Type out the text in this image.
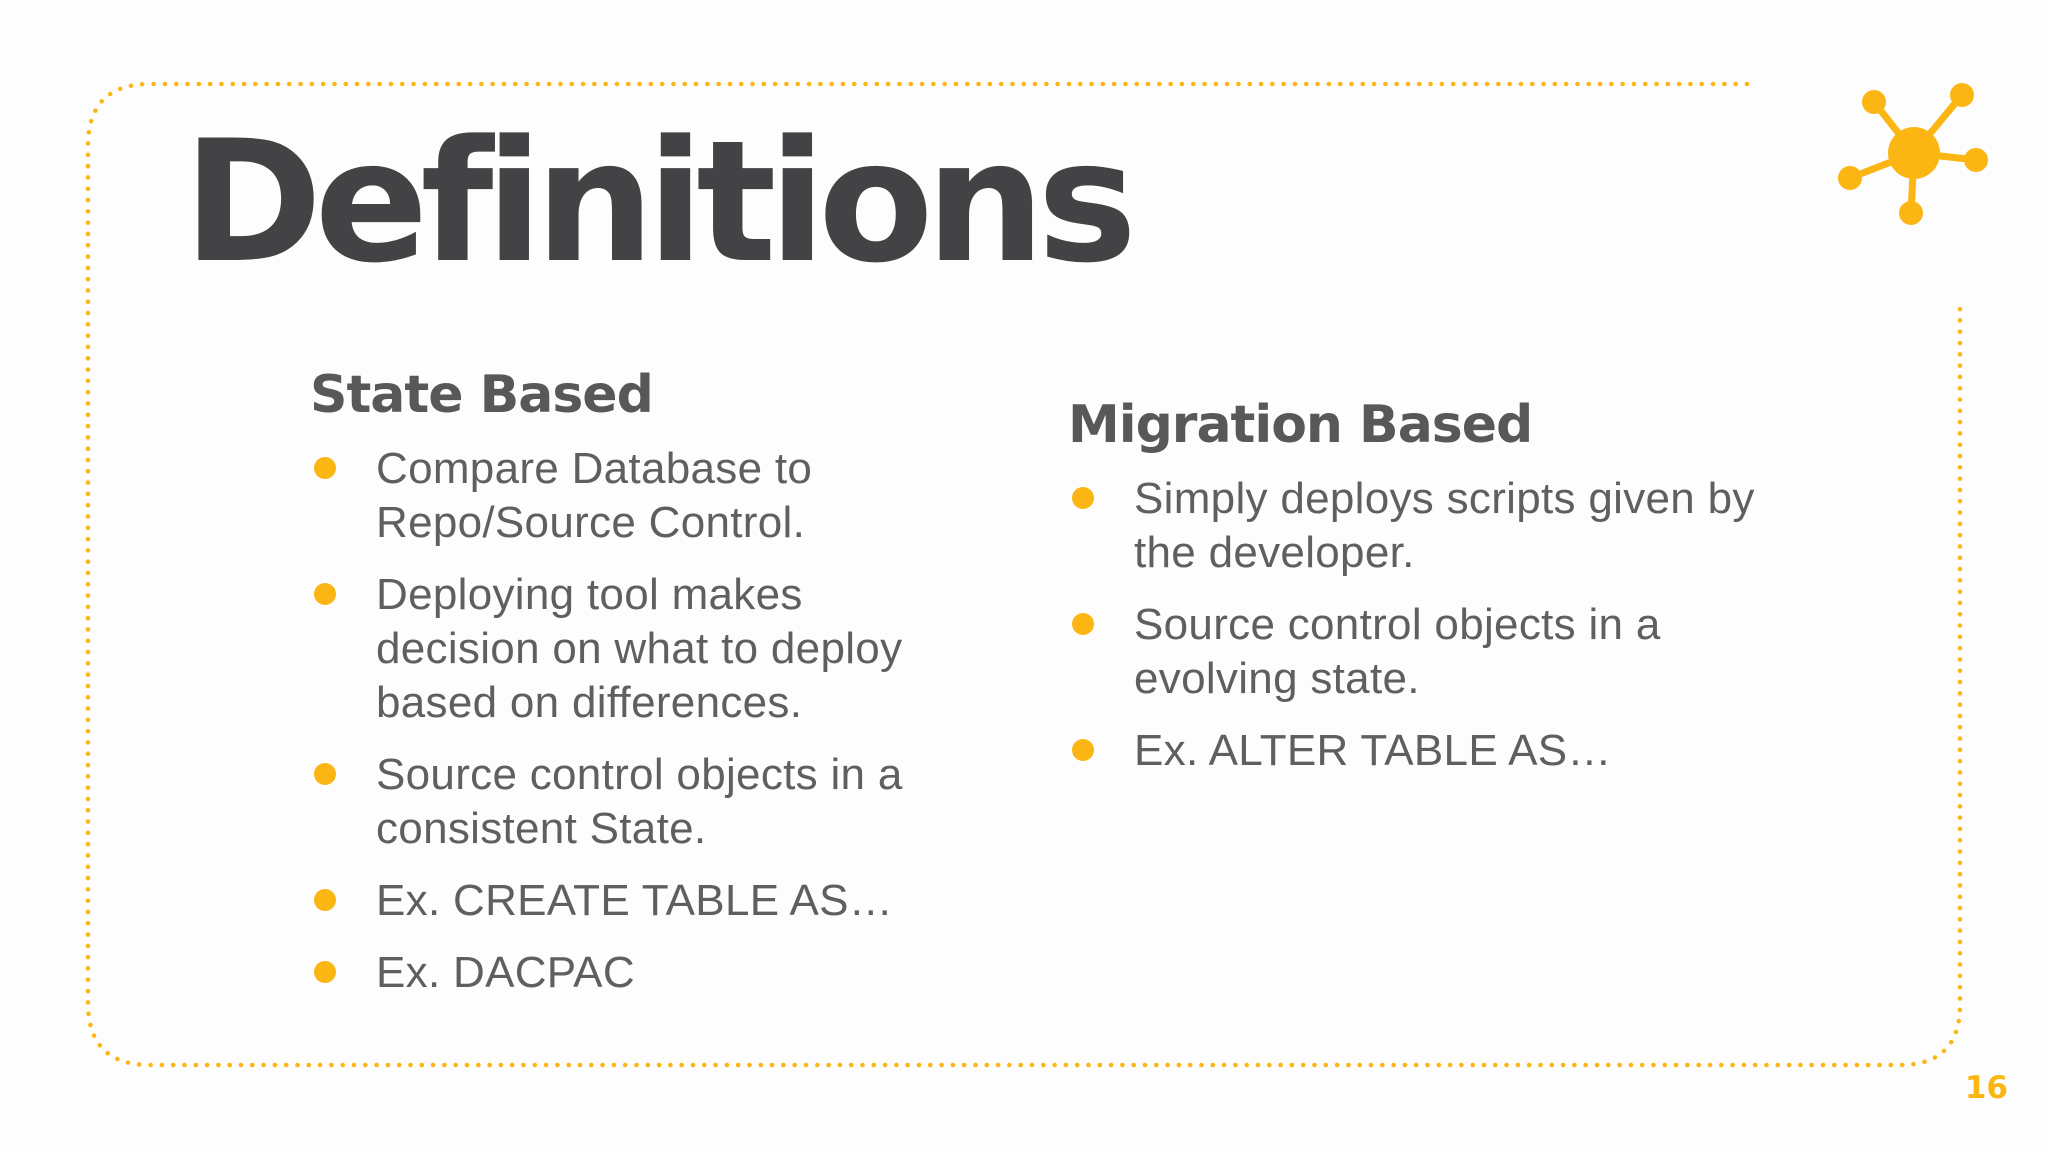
Definitions
State Based
Compare Database to
Repo/Source Control.
Deploying tool makes
decision on what to deploy
based on differences.
Source control objects in a
consistent State.
Ex. CREATE TABLE AS…
Ex. DACPAC
Migration Based
Simply deploys scripts given by
the developer.
Source control objects in a
evolving state.
Ex. ALTER TABLE AS…
16
